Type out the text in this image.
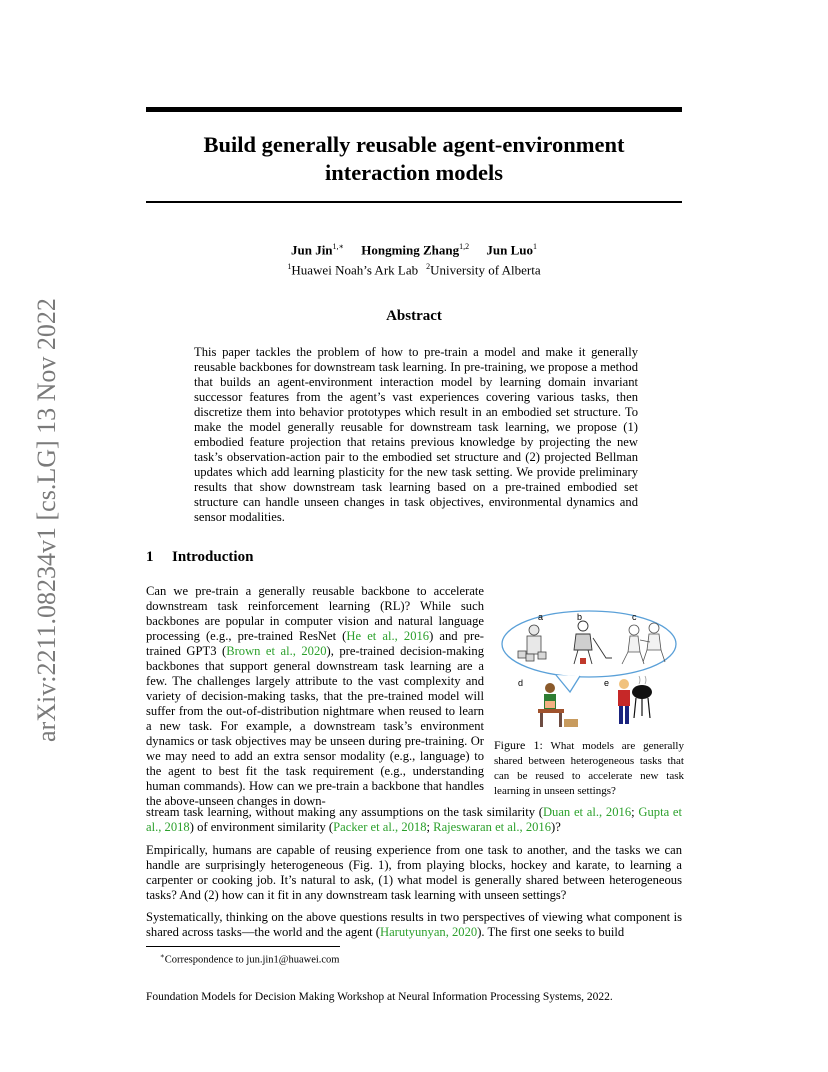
arXiv:2211.08234v1 [cs.LG] 13 Nov 2022
Build generally reusable agent-environment
interaction models
Jun Jin$^{1,∗}$ Hongming Zhang$^{1,2}$ Jun Luo$^1$
$^1$Huawei Noah’s Ark Lab $^2$University of Alberta
Abstract

This paper tackles the problem of how to pre-train a model and make it generally reusable backbones for downstream task learning. In pre-training, we propose a method that builds an agent-environment interaction model by learning domain invariant successor features from the agent’s vast experiences covering various tasks, then discretize them into behavior prototypes which result in an embodied set structure. To make the model generally reusable for downstream task learning, we propose (1) embodied feature projection that retains previous knowledge by projecting the new task’s observation-action pair to the embodied set structure and (2) projected Bellman updates which add learning plasticity for the new task setting. We provide preliminary results that show downstream task learning based on a pre-trained embodied set structure can handle unseen changes in task objectives, environmental dynamics and sensor modalities.

1 Introduction

Can we pre-train a generally reusable backbone to accelerate downstream task reinforcement learning (RL)? While such backbones are popular in computer vision and natural language processing (e.g., pre-trained ResNet (He et al., 2016) and pre-trained GPT3 (Brown et al., 2020), pre-trained decision-making backbones that support general downstream task learning are a few. The challenges largely attribute to the vast complexity and variety of decision-making tasks, that the pre-trained model will suffer from the out-of-distribution nightmare when reused to learn a new task. For example, a downstream task’s environment dynamics or task objectives may be unseen during pre-training. Or we may need to add an extra sensor modality (e.g., language) to the agent to best fit the task requirement (e.g., understanding human commands). How can we pre-train a backbone that handles the above-unseen changes in down-

a	b	c
d	e
Figure 1: What models are generally shared between heterogeneous tasks that can be reused to accelerate new task learning in unseen settings?

stream task learning, without making any assumptions on the task similarity (Duan et al., 2016; Gupta et al., 2018) of environment similarity (Packer et al., 2018; Rajeswaran et al., 2016)?

Empirically, humans are capable of reusing experience from one task to another, and the tasks we can handle are surprisingly heterogeneous (Fig. 1), from playing blocks, hockey and karate, to learning a carpenter or cooking job. It’s natural to ask, (1) what model is generally shared between heterogeneous tasks? And (2) how can it fit in any downstream task learning with unseen settings?

Systematically, thinking on the above questions results in two perspectives of viewing what component is shared across tasks—the world and the agent (Harutyunyan, 2020). The first one seeks to build

∗Correspondence to jun.jin1@huawei.com
Foundation Models for Decision Making Workshop at Neural Information Processing Systems, 2022.
